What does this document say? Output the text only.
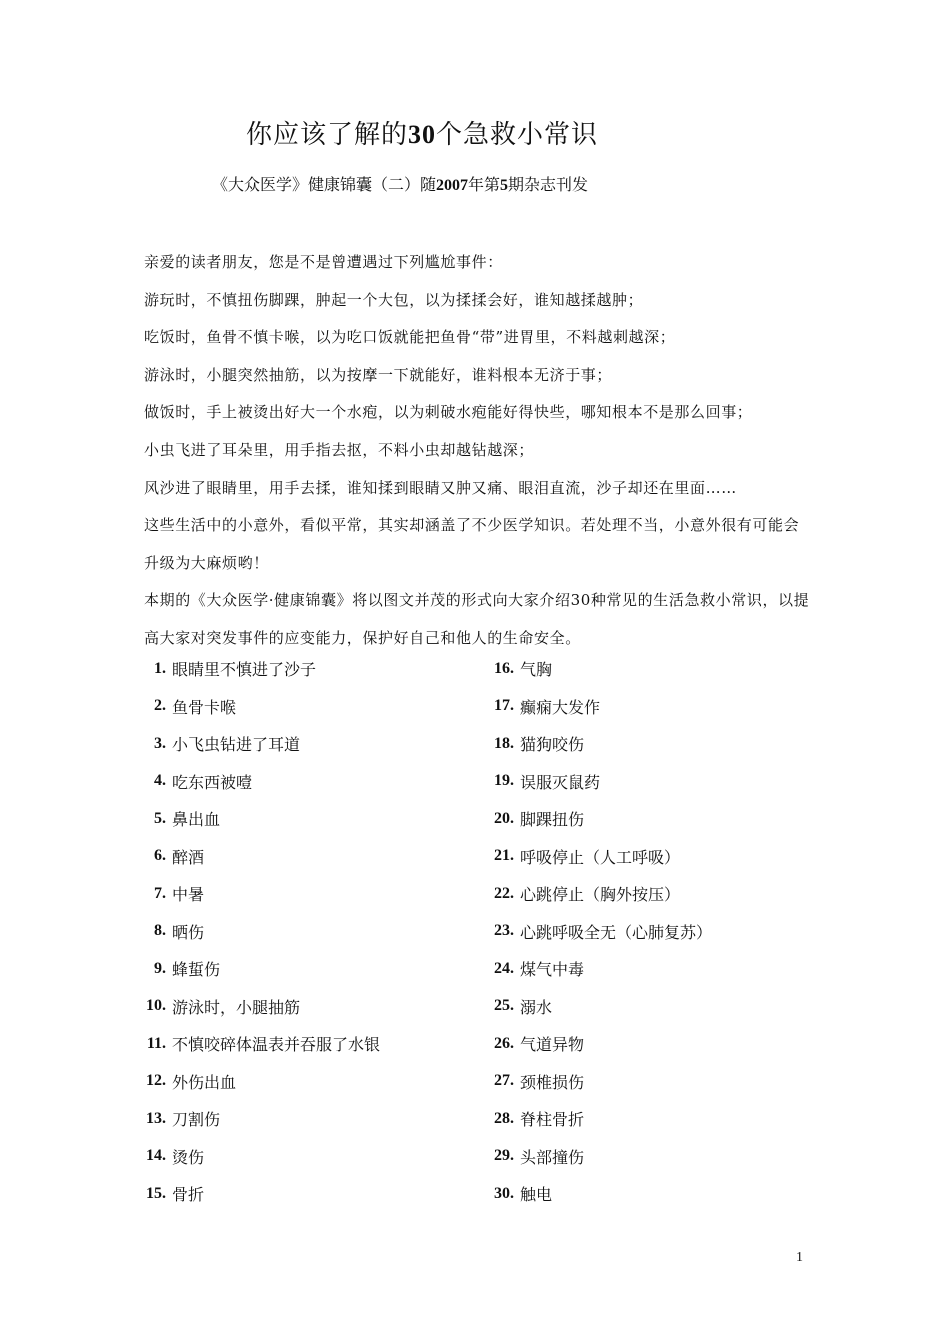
你应该了解的30个急救小常识
《大众医学》健康锦囊（二）随2007年第5期杂志刊发

亲爱的读者朋友，您是不是曾遭遇过下列尴尬事件：

游玩时，不慎扭伤脚踝，肿起一个大包，以为揉揉会好，谁知越揉越肿；

吃饭时，鱼骨不慎卡喉，以为吃口饭就能把鱼骨“带”进胃里，不料越刺越深；

游泳时，小腿突然抽筋，以为按摩一下就能好，谁料根本无济于事；

做饭时，手上被烫出好大一个水疱，以为刺破水疱能好得快些，哪知根本不是那么回事；

小虫飞进了耳朵里，用手指去抠，不料小虫却越钻越深；

风沙进了眼睛里，用手去揉，谁知揉到眼睛又肿又痛、眼泪直流，沙子却还在里面……

这些生活中的小意外，看似平常，其实却涵盖了不少医学知识。若处理不当，小意外很有可能会升级为大麻烦哟！

本期的《大众医学·健康锦囊》将以图文并茂的形式向大家介绍30种常见的生活急救小常识，以提高大家对突发事件的应变能力，保护好自己和他人的生命安全。

1. 眼睛里不慎进了沙子
2. 鱼骨卡喉
3. 小飞虫钻进了耳道
4. 吃东西被噎
5. 鼻出血
6. 醉酒
7. 中暑
8. 晒伤
9. 蜂蜇伤
10. 游泳时，小腿抽筋
11. 不慎咬碎体温表并吞服了水银
12. 外伤出血
13. 刀割伤
14. 烫伤
15. 骨折
16. 气胸
17. 癫痫大发作
18. 猫狗咬伤
19. 误服灭鼠药
20. 脚踝扭伤
21. 呼吸停止（人工呼吸）
22. 心跳停止（胸外按压）
23. 心跳呼吸全无（心肺复苏）
24. 煤气中毒
25. 溺水
26. 气道异物
27. 颈椎损伤
28. 脊柱骨折
29. 头部撞伤
30. 触电
1
